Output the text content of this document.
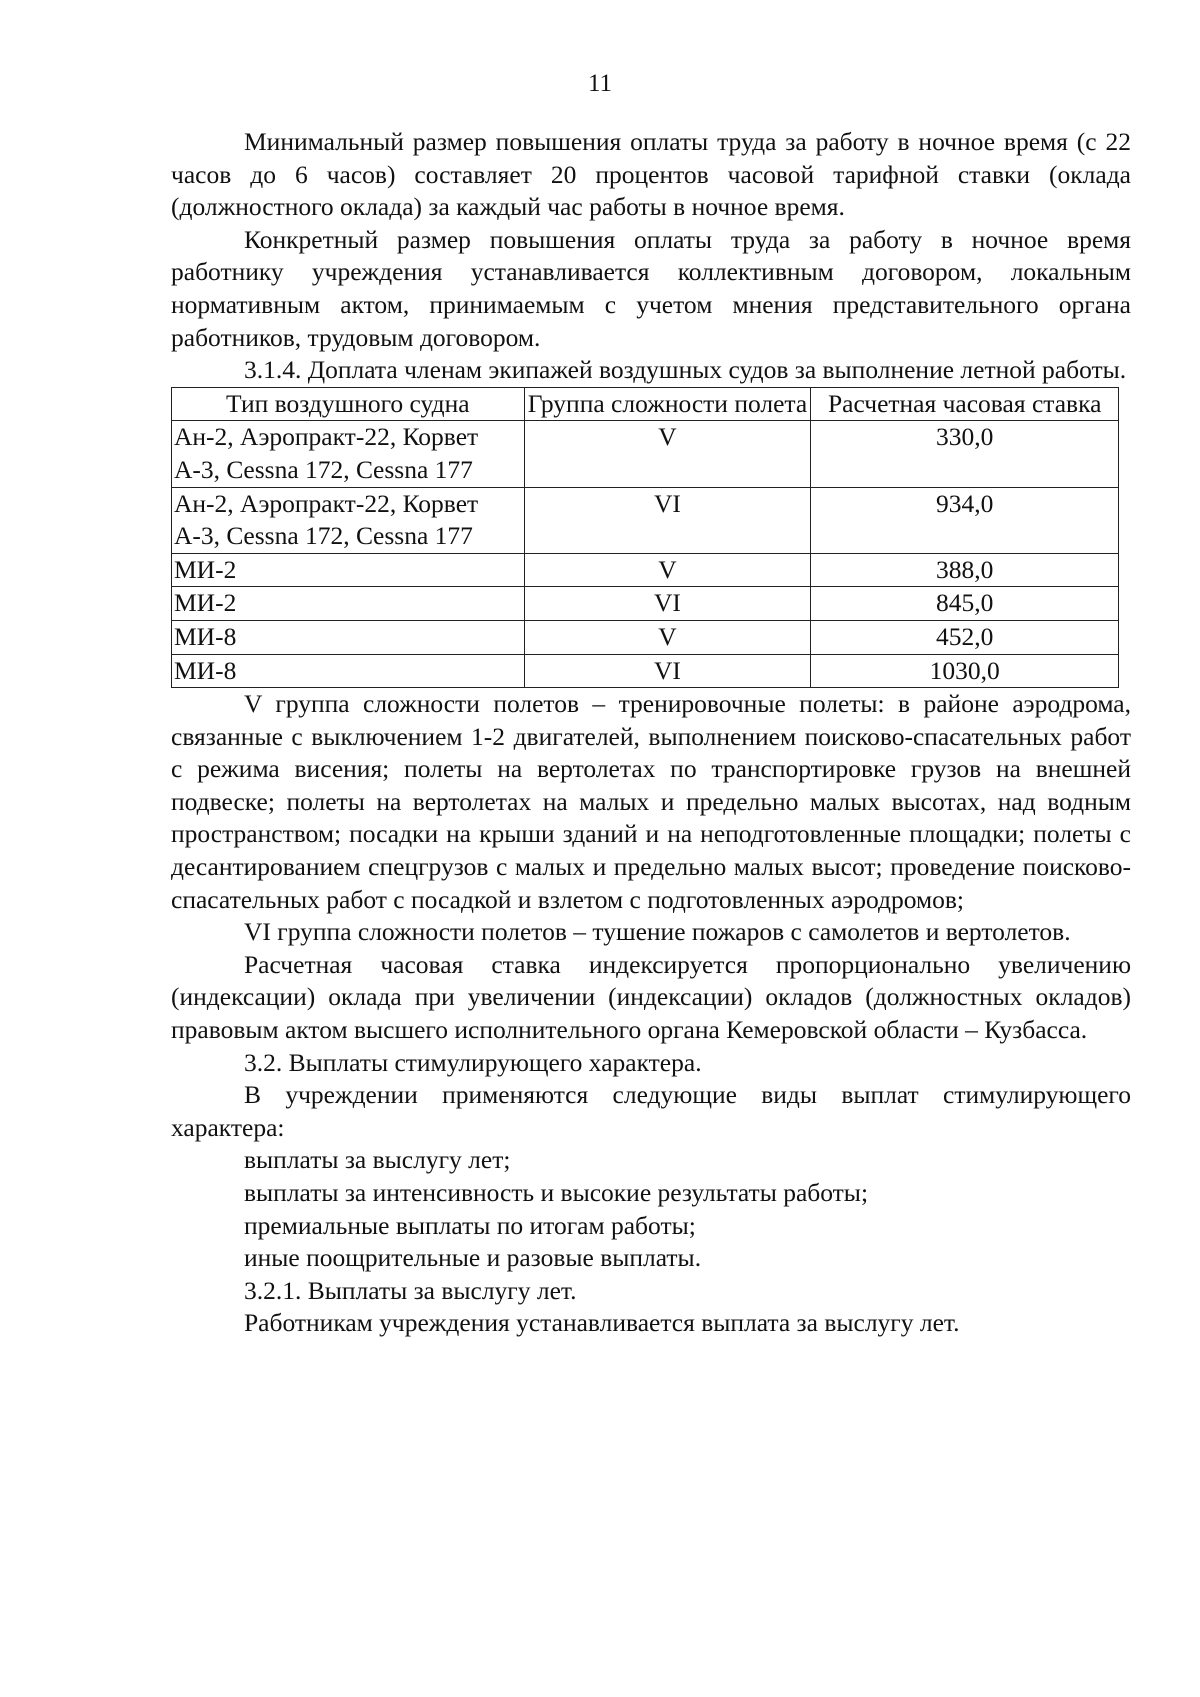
11

Минимальный размер повышения оплаты труда за работу в ночное время (с 22 часов до 6 часов) составляет 20 процентов часовой тарифной ставки (оклада (должностного оклада) за каждый час работы в ночное время.

Конкретный размер повышения оплаты труда за работу в ночное время работнику учреждения устанавливается коллективным договором, локальным нормативным актом, принимаемым с учетом мнения представительного органа работников, трудовым договором.

3.1.4. Доплата членам экипажей воздушных судов за выполнение летной работы.

Тип воздушного судна	Группа сложности полета	Расчетная часовая ставка
Ан-2, Аэропракт-22, Корвет А-3, Cessna 172, Cessna 177	V	330,0
Ан-2, Аэропракт-22, Корвет А-3, Cessna 172, Cessna 177	VI	934,0
МИ-2	V	388,0
МИ-2	VI	845,0
МИ-8	V	452,0
МИ-8	VI	1030,0

V группа сложности полетов – тренировочные полеты: в районе аэродрома, связанные с выключением 1-2 двигателей, выполнением поисково-спасательных работ с режима висения; полеты на вертолетах по транспортировке грузов на внешней подвеске; полеты на вертолетах на малых и предельно малых высотах, над водным пространством; посадки на крыши зданий и на неподготовленные площадки; полеты с десантированием спецгрузов с малых и предельно малых высот; проведение поисково-спасательных работ с посадкой и взлетом с подготовленных аэродромов;

VI группа сложности полетов – тушение пожаров с самолетов и вертолетов.

Расчетная часовая ставка индексируется пропорционально увеличению (индексации) оклада при увеличении (индексации) окладов (должностных окладов) правовым актом высшего исполнительного органа Кемеровской области – Кузбасса.

3.2. Выплаты стимулирующего характера.

В учреждении применяются следующие виды выплат стимулирующего характера:

выплаты за выслугу лет;

выплаты за интенсивность и высокие результаты работы;

премиальные выплаты по итогам работы;

иные поощрительные и разовые выплаты.

3.2.1. Выплаты за выслугу лет.

Работникам учреждения устанавливается выплата за выслугу лет.
